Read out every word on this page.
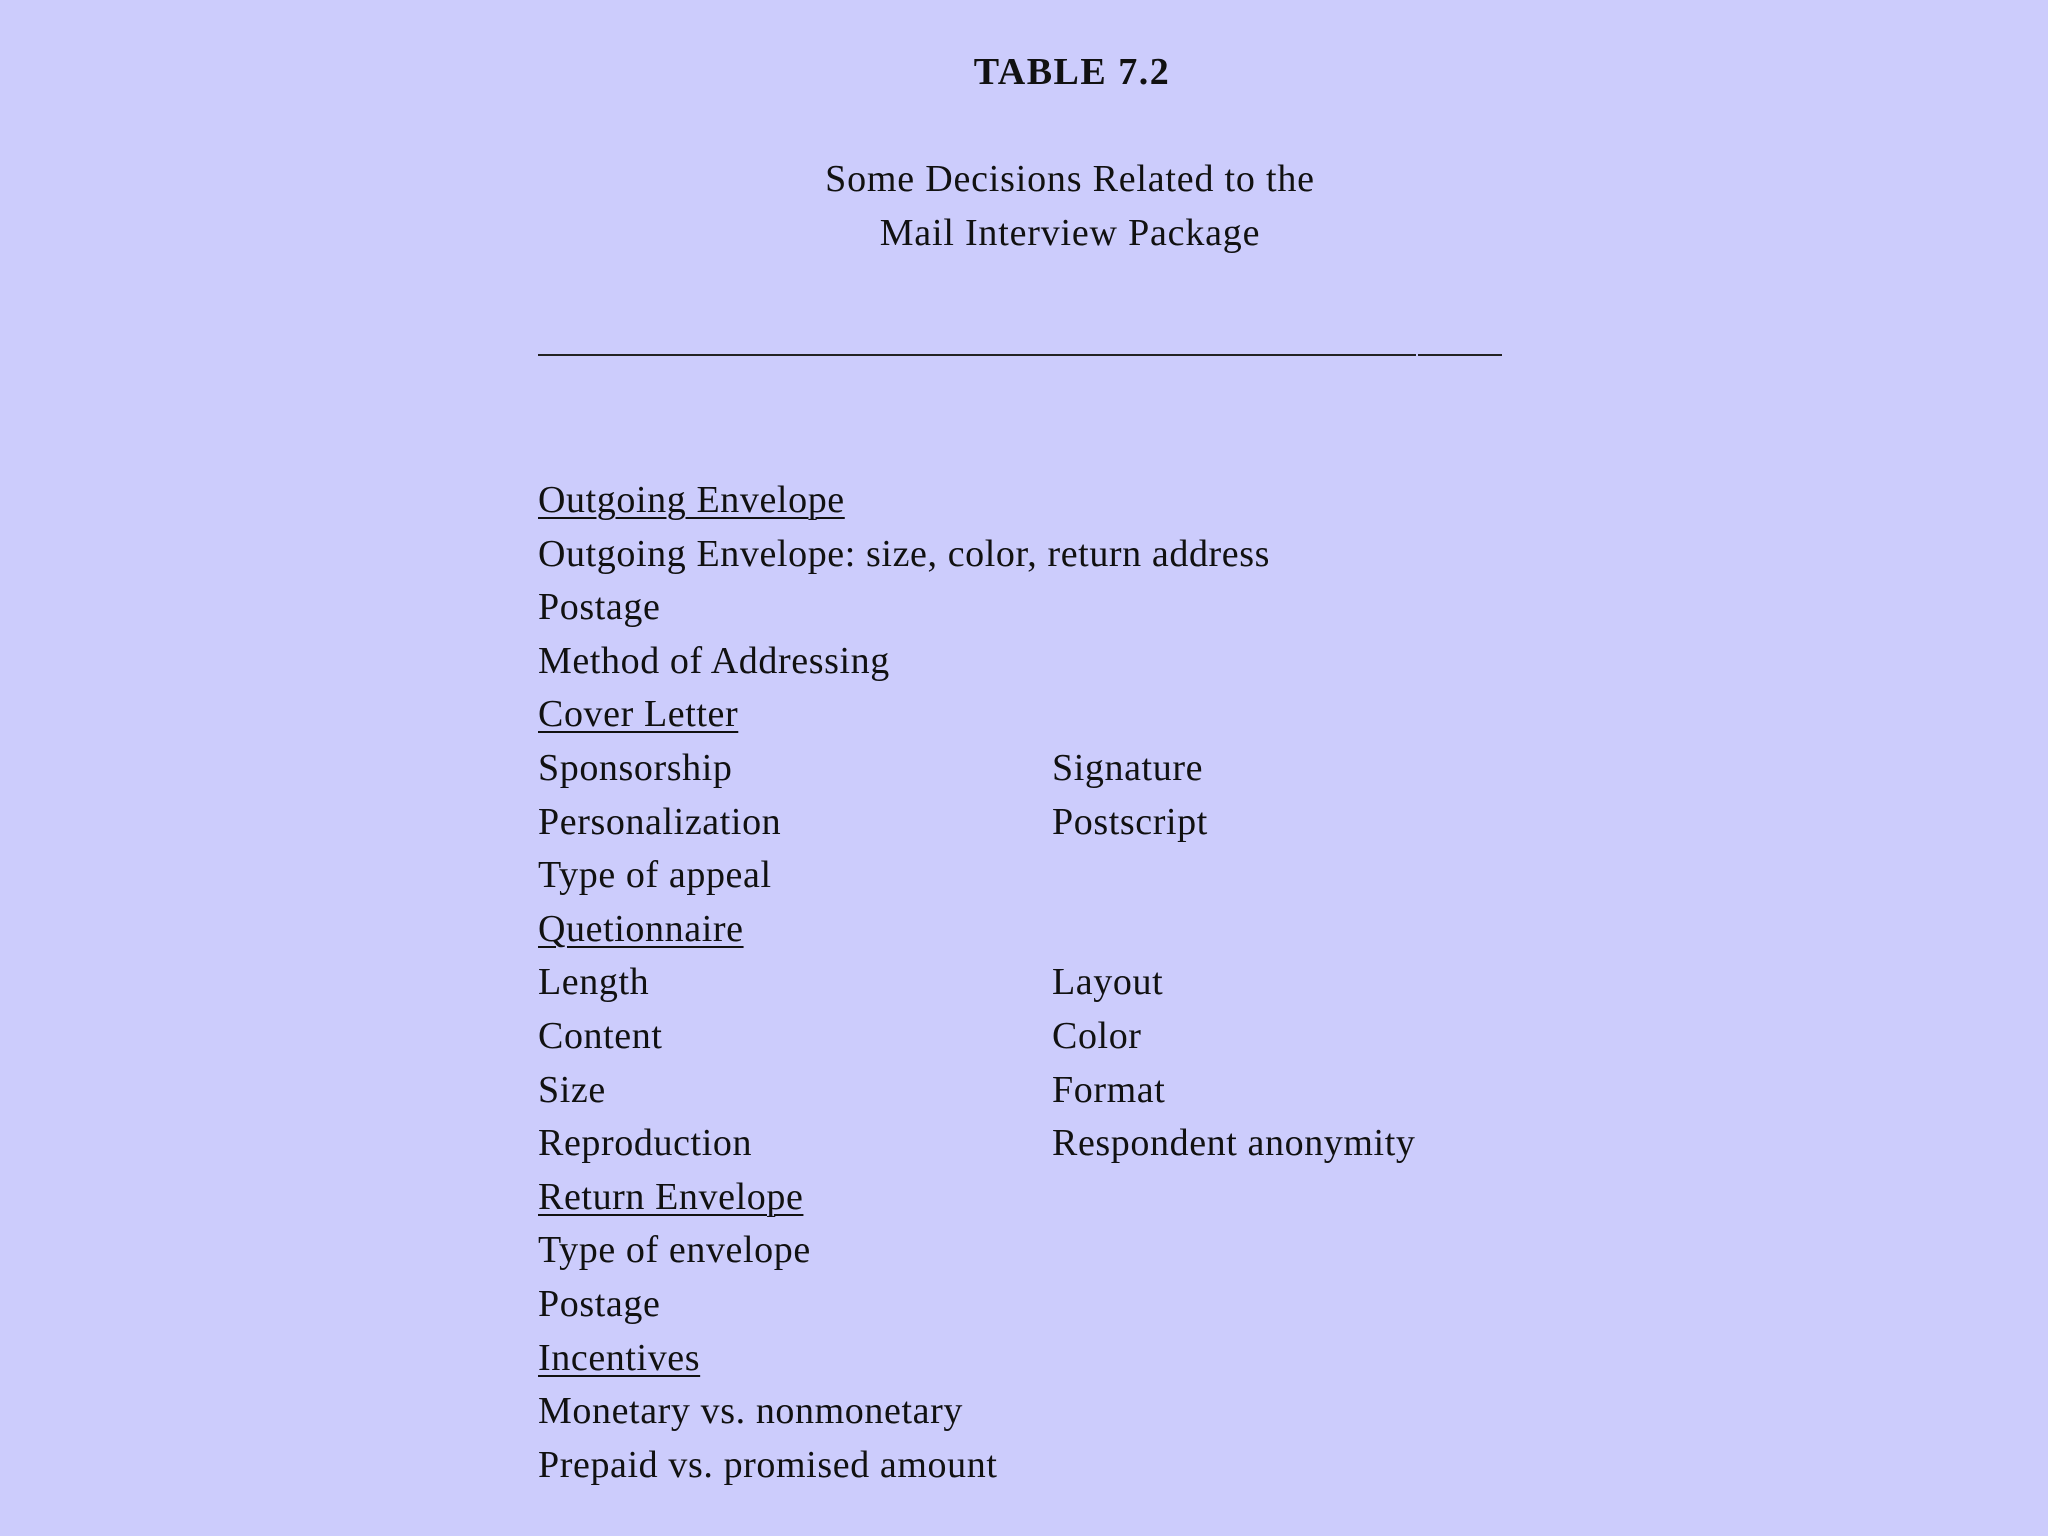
TABLE 7.2
Some Decisions Related to the
Mail Interview Package
Outgoing Envelope
Outgoing Envelope: size, color, return address
Postage
Method of Addressing
Cover Letter
Sponsorship	Signature
Personalization	Postscript
Type of appeal
Quetionnaire
Length	Layout
Content	Color
Size	Format
Reproduction	Respondent anonymity
Return Envelope
Type of envelope
Postage
Incentives
Monetary vs. nonmonetary
Prepaid vs. promised amount
